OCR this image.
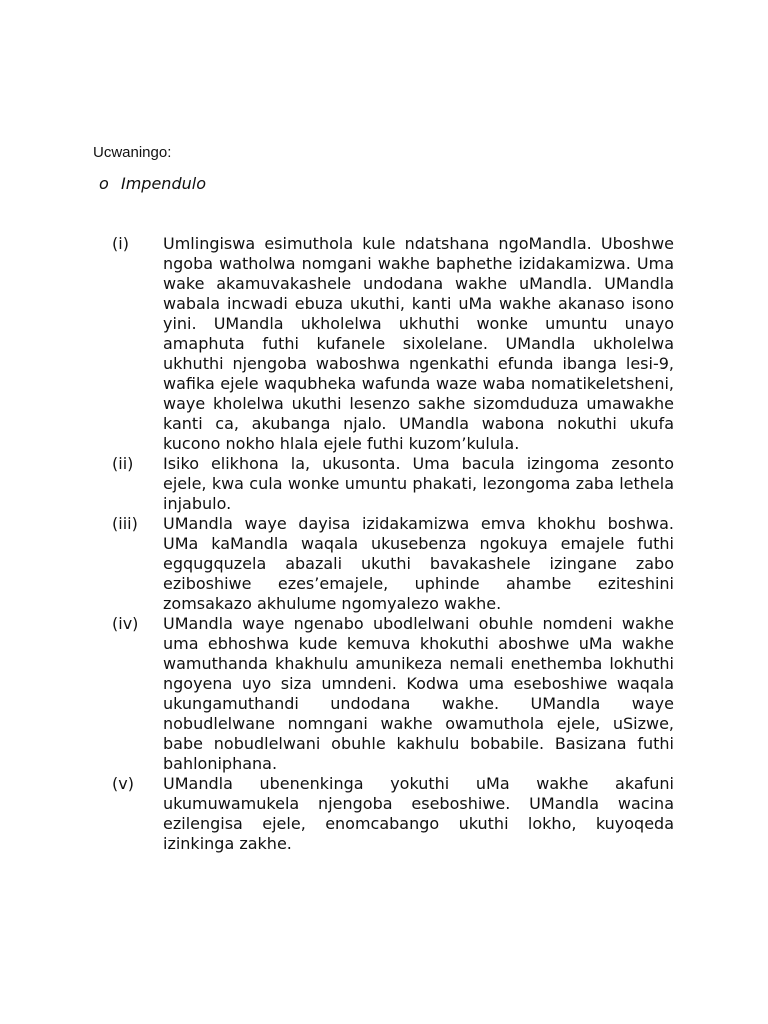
Ucwaningo:
o Impendulo
(i)	Umlingiswa esimuthola kule ndatshana ngoMandla. Uboshwe ngoba watholwa nomgani wakhe baphethe izidakamizwa. Uma wake akamuvakashele undodana wakhe uMandla. UMandla wabala incwadi ebuza ukuthi, kanti uMa wakhe akanaso isono yini. UMandla ukholelwa ukhuthi wonke umuntu unayo amaphuta futhi kufanele sixolelane. UMandla ukholelwa ukhuthi njengoba waboshwa ngenkathi efunda ibanga lesi-9, wafika ejele waqubheka wafunda waze waba nomatikeletsheni, waye kholelwa ukuthi lesenzo sakhe sizomduduza umawakhe kanti ca, akubanga njalo. UMandla wabona nokuthi ukufa kucono nokho hlala ejele futhi kuzom’kulula.
(ii)	Isiko elikhona la, ukusonta. Uma bacula izingoma zesonto ejele, kwa cula wonke umuntu phakati, lezongoma zaba lethela injabulo.
(iii)	UMandla waye dayisa izidakamizwa emva khokhu boshwa. UMa kaMandla waqala ukusebenza ngokuya emajele futhi egqugquzela abazali ukuthi bavakashele izingane zabo eziboshiwe ezes’emajele, uphinde ahambe eziteshini zomsakazo akhulume ngomyalezo wakhe.
(iv)	UMandla waye ngenabo ubodlelwani obuhle nomdeni wakhe uma ebhoshwa kude kemuva khokuthi aboshwe uMa wakhe wamuthanda khakhulu amunikeza nemali enethemba lokhuthi ngoyena uyo siza umndeni. Kodwa uma eseboshiwe waqala ukungamuthandi undodana wakhe. UMandla waye nobudlelwane nomngani wakhe owamuthola ejele, uSizwe, babe nobudlelwani obuhle kakhulu bobabile. Basizana futhi bahloniphana.
(v)	UMandla ubenenkinga yokuthi uMa wakhe akafuni ukumuwamukela njengoba eseboshiwe. UMandla wacina ezilengisa ejele, enomcabango ukuthi lokho, kuyoqeda izinkinga zakhe.
